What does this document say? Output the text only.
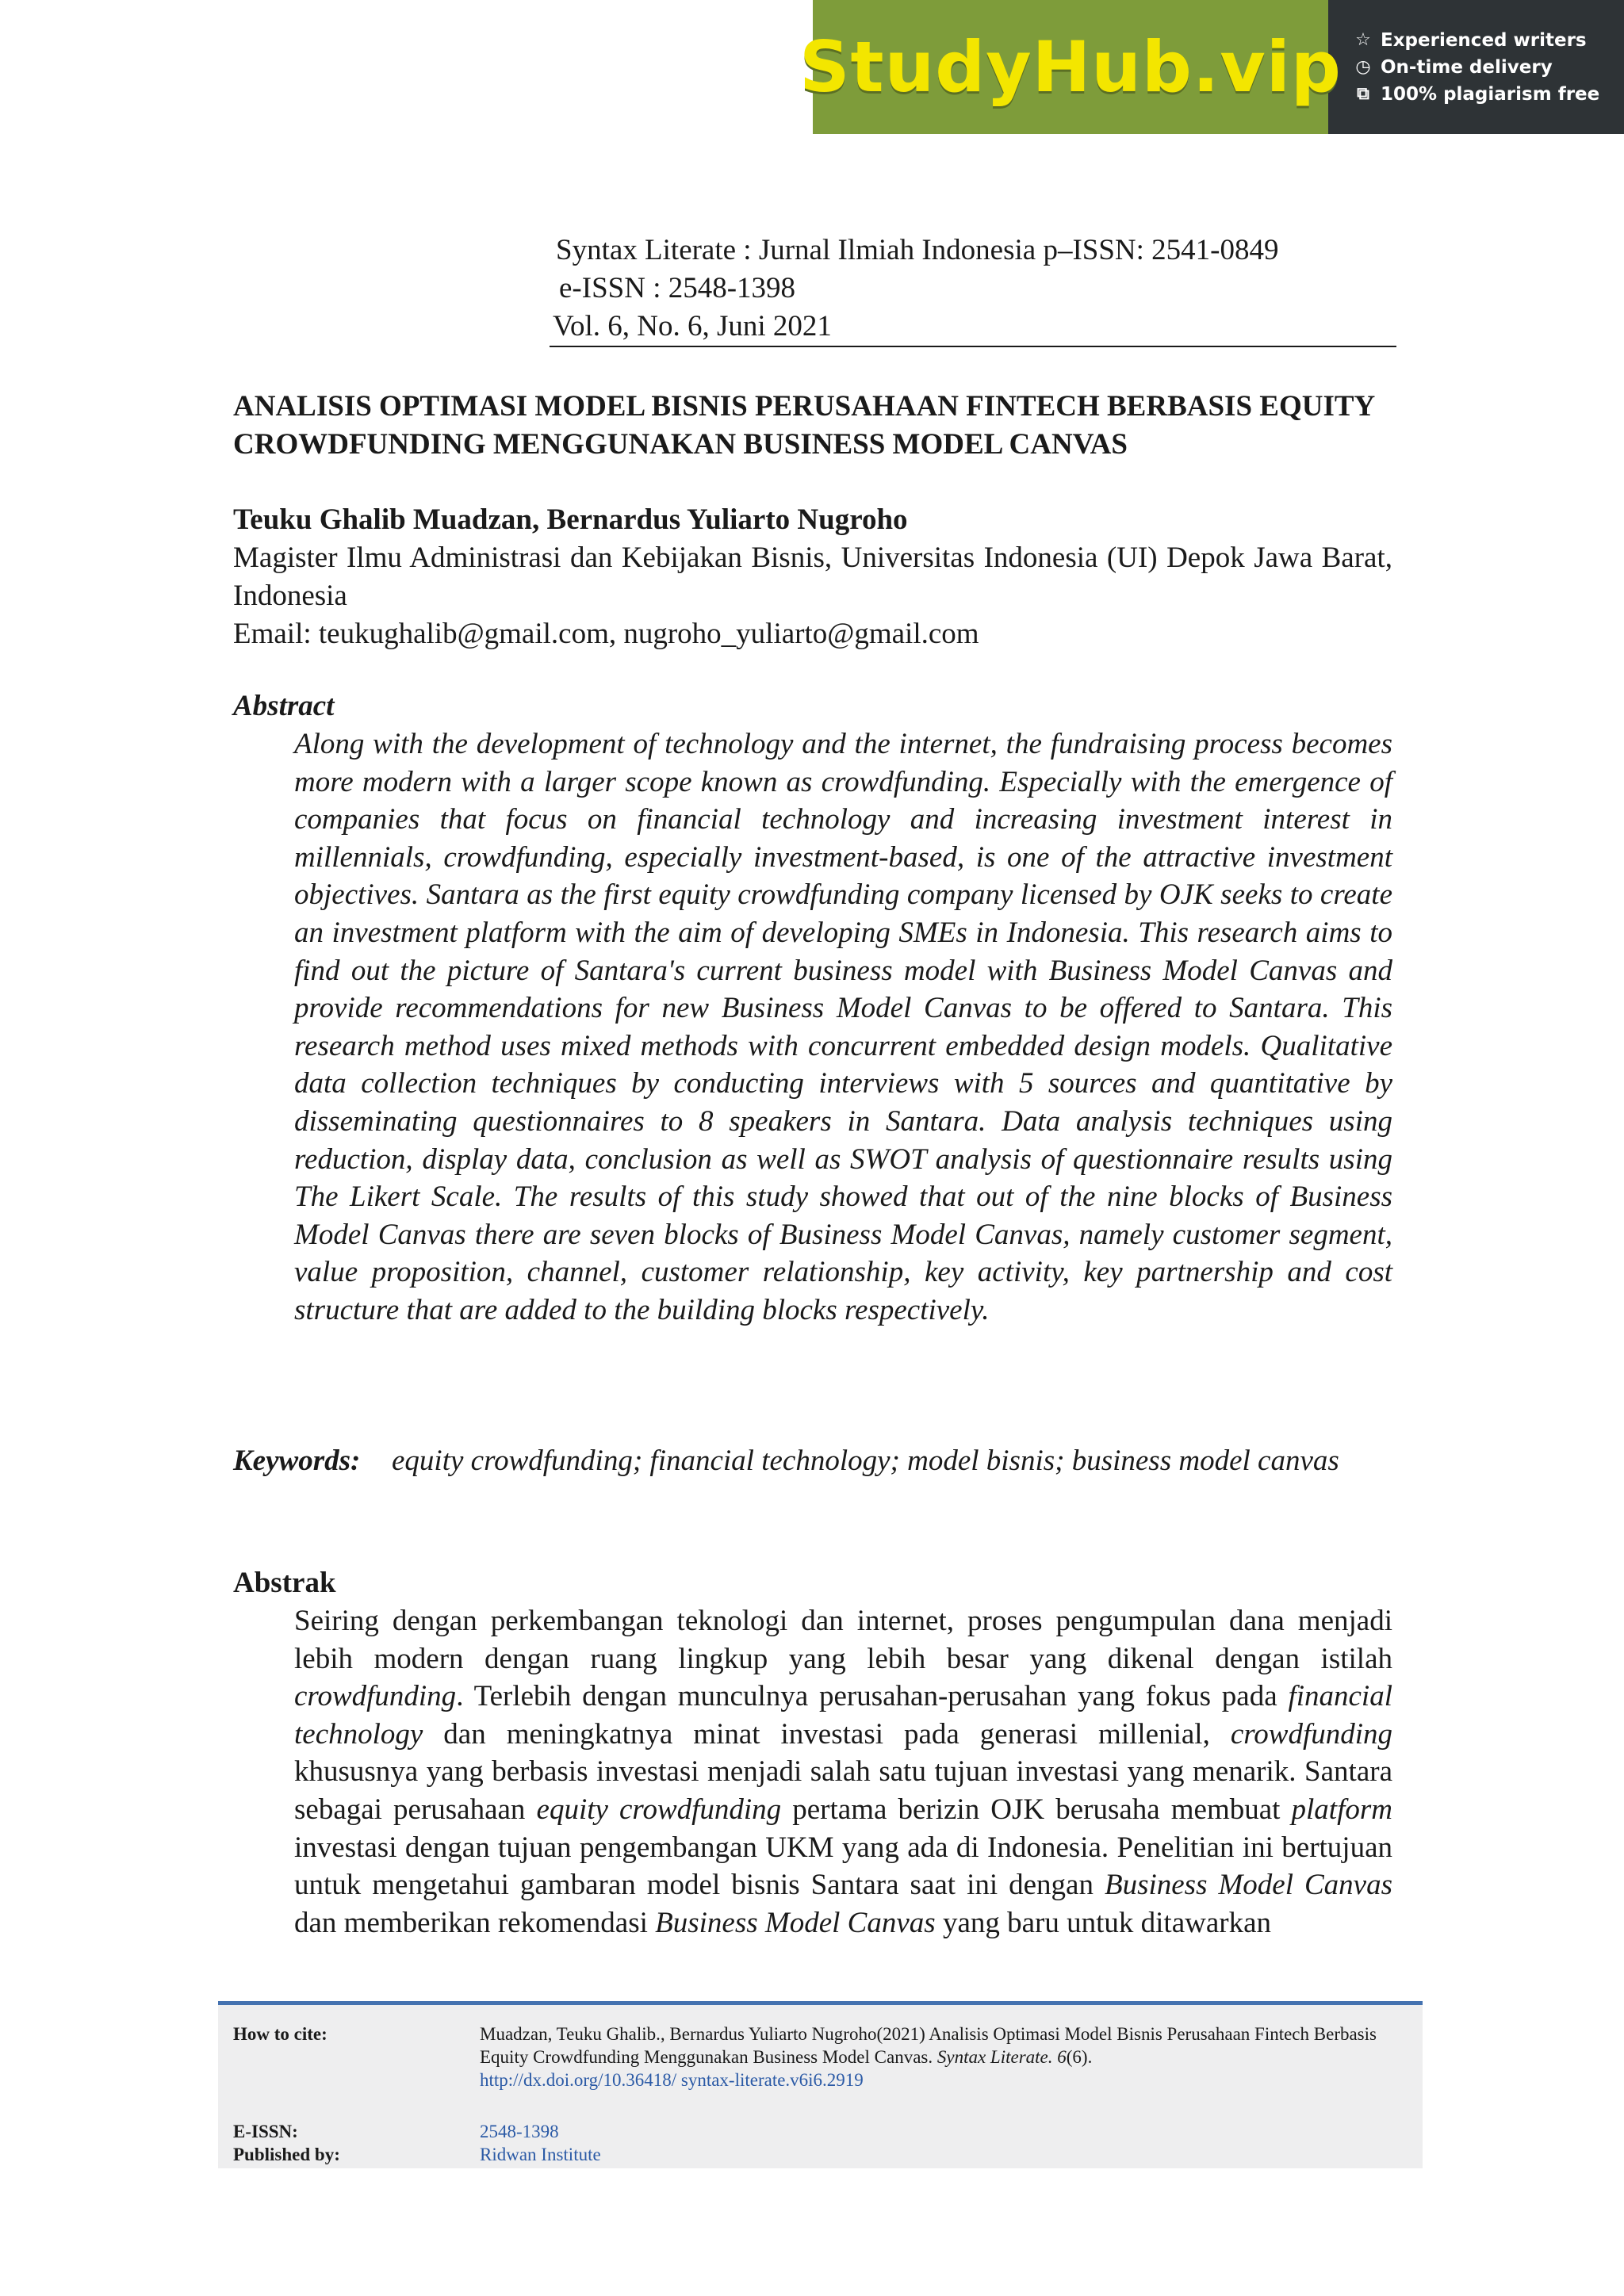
StudyHub.vip ☆ Experienced writers
◷ On-time delivery
⧉ 100% plagiarism free
Syntax Literate : Jurnal Ilmiah Indonesia p–ISSN: 2541-0849
e-ISSN : 2548-1398
Vol. 6, No. 6, Juni 2021
ANALISIS OPTIMASI MODEL BISNIS PERUSAHAAN FINTECH BERBASIS EQUITY CROWDFUNDING MENGGUNAKAN BUSINESS MODEL CANVAS
Teuku Ghalib Muadzan, Bernardus Yuliarto Nugroho
Magister Ilmu Administrasi dan Kebijakan Bisnis, Universitas Indonesia (UI) Depok Jawa Barat, Indonesia
Email: teukughalib@gmail.com, nugroho_yuliarto@gmail.com
Abstract
Along with the development of technology and the internet, the fundraising process becomes more modern with a larger scope known as crowdfunding. Especially with the emergence of companies that focus on financial technology and increasing investment interest in millennials, crowdfunding, especially investment-based, is one of the attractive investment objectives. Santara as the first equity crowdfunding company licensed by OJK seeks to create an investment platform with the aim of developing SMEs in Indonesia. This research aims to find out the picture of Santara's current business model with Business Model Canvas and provide recommendations for new Business Model Canvas to be offered to Santara. This research method uses mixed methods with concurrent embedded design models. Qualitative data collection techniques by conducting interviews with 5 sources and quantitative by disseminating questionnaires to 8 speakers in Santara. Data analysis techniques using reduction, display data, conclusion as well as SWOT analysis of questionnaire results using The Likert Scale. The results of this study showed that out of the nine blocks of Business Model Canvas there are seven blocks of Business Model Canvas, namely customer segment, value proposition, channel, customer relationship, key activity, key partnership and cost structure that are added to the building blocks respectively.
Keywords: equity crowdfunding; financial technology; model bisnis; business model canvas
Abstrak
Seiring dengan perkembangan teknologi dan internet, proses pengumpulan dana menjadi lebih modern dengan ruang lingkup yang lebih besar yang dikenal dengan istilah crowdfunding. Terlebih dengan munculnya perusahan-perusahan yang fokus pada financial technology dan meningkatnya minat investasi pada generasi millenial, crowdfunding khususnya yang berbasis investasi menjadi salah satu tujuan investasi yang menarik. Santara sebagai perusahaan equity crowdfunding pertama berizin OJK berusaha membuat platform investasi dengan tujuan pengembangan UKM yang ada di Indonesia. Penelitian ini bertujuan untuk mengetahui gambaran model bisnis Santara saat ini dengan Business Model Canvas dan memberikan rekomendasi Business Model Canvas yang baru untuk ditawarkan
How to cite:	Muadzan, Teuku Ghalib., Bernardus Yuliarto Nugroho(2021) Analisis Optimasi Model Bisnis Perusahaan Fintech Berbasis Equity Crowdfunding Menggunakan Business Model Canvas. Syntax Literate. 6(6).
http://dx.doi.org/10.36418/ syntax-literate.v6i6.2919
E-ISSN:	2548-1398
Published by:	Ridwan Institute
